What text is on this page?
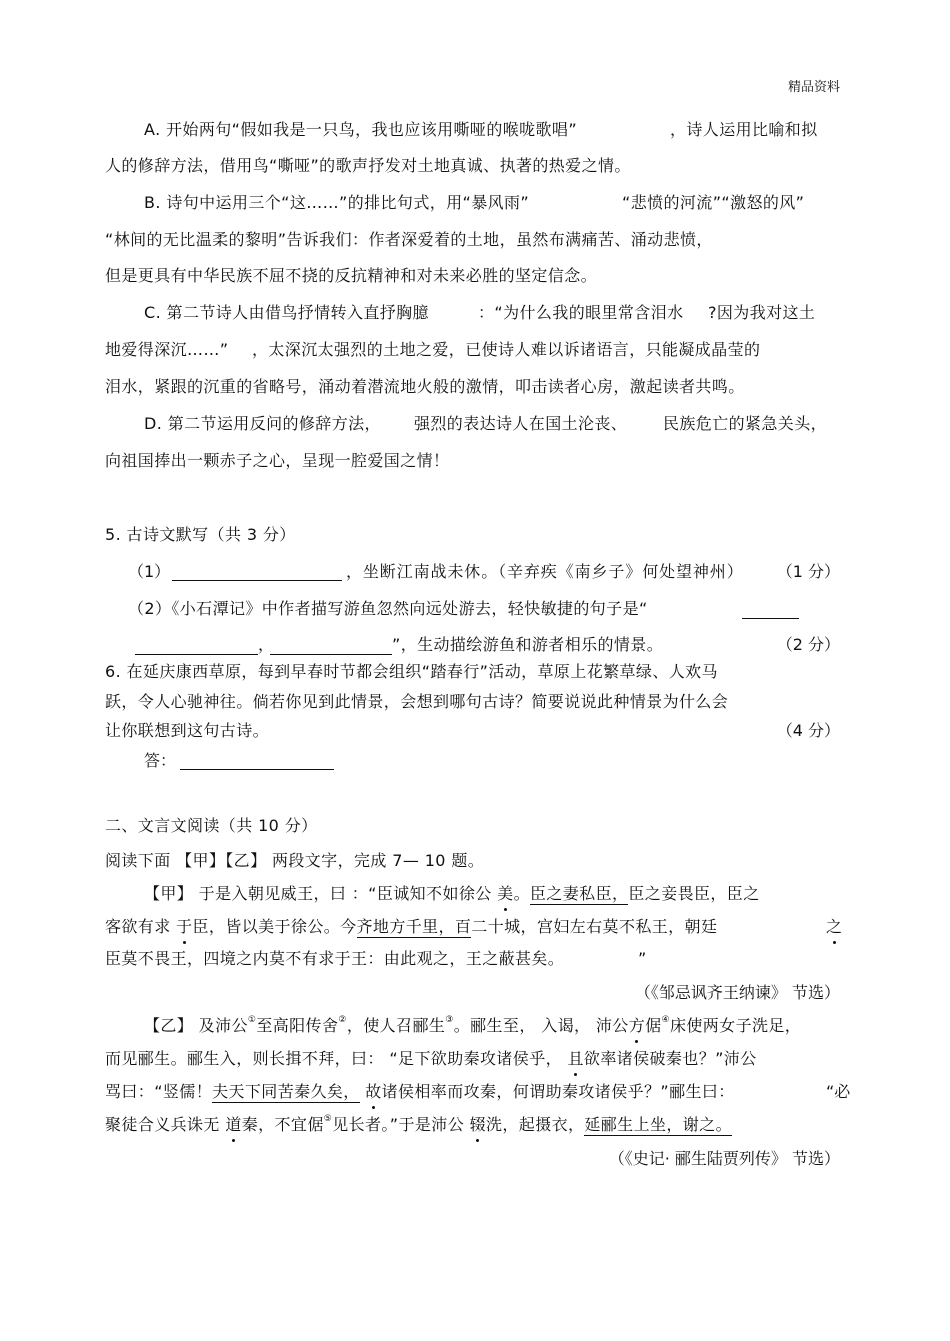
精品资料
A. 开始两句“假如我是一只鸟，我也应该用嘶哑的喉咙歌唱”	，诗人运用比喻和拟
人的修辞方法，借用鸟“嘶哑”的歌声抒发对土地真诚、执著的热爱之情。
B. 诗句中运用三个“这……”的排比句式，用“暴风雨”	“悲愤的河流”“激怒的风”
“林间的无比温柔的黎明”告诉我们：作者深爱着的土地，虽然布满痛苦、涌动悲愤，
但是更具有中华民族不屈不挠的反抗精神和对未来必胜的坚定信念。
C. 第二节诗人由借鸟抒情转入直抒胸臆	：“为什么我的眼里常含泪水 ?因为我对这土
地爱得深沉……” ，太深沉太强烈的土地之爱，已使诗人难以诉诸语言，只能凝成晶莹的
泪水，紧跟的沉重的省略号，涌动着潜流地火般的激情，叩击读者心房，激起读者共鸣。
D. 第二节运用反问的修辞方法， 强烈的表达诗人在国土沦丧、 民族危亡的紧急关头，
向祖国捧出一颗赤子之心，呈现一腔爱国之情！
5. 古诗文默写（共 3 分）
（1）	，坐断江南战未休。（辛弃疾《南乡子》何处望神州） （1 分）
（2）《小石潭记》中作者描写游鱼忽然向远处游去，轻快敏捷的句子是“
，	”，生动描绘游鱼和游者相乐的情景。	（2 分）
6. 在延庆康西草原，每到早春时节都会组织“踏春行”活动，草原上花繁草绿、人欢马
跃，令人心驰神往。倘若你见到此情景，会想到哪句古诗？简要说说此种情景为什么会
让你联想到这句古诗。	（4 分）
答：
二、文言文阅读（共 10 分）
阅读下面 【甲】【乙】 两段文字，完成 7— 10 题。
【甲】 于是入朝见威王，曰 ：“臣诚知不如徐公 美。臣之妻私臣，臣之妾畏臣，臣之
客欲有求 于臣，皆以美于徐公。今齐地方千里，百二十城，宫妇左右莫不私王，朝廷	之
臣莫不畏王，四境之内莫不有求于王：由此观之，王之蔽甚矣。	”
（《邹忌讽齐王纳谏》 节选）
【乙】 及沛公①至高阳传舍②，使人召郦生③。郦生至， 入谒， 沛公方倨④床使两女子洗足，
而见郦生。郦生入，则长揖不拜，曰： “足下欲助秦攻诸侯乎， 且欲率诸侯破秦也？”沛公
骂曰：“竖儒！夫天下同苦秦久矣， 故诸侯相率而攻秦，何谓助秦攻诸侯乎？”郦生曰：	“必
聚徒合义兵诛无 道秦，不宜倨⑤见长者。”于是沛公 辍洗，起摄衣，延郦生上坐，谢之。
（《史记· 郦生陆贾列传》 节选）
